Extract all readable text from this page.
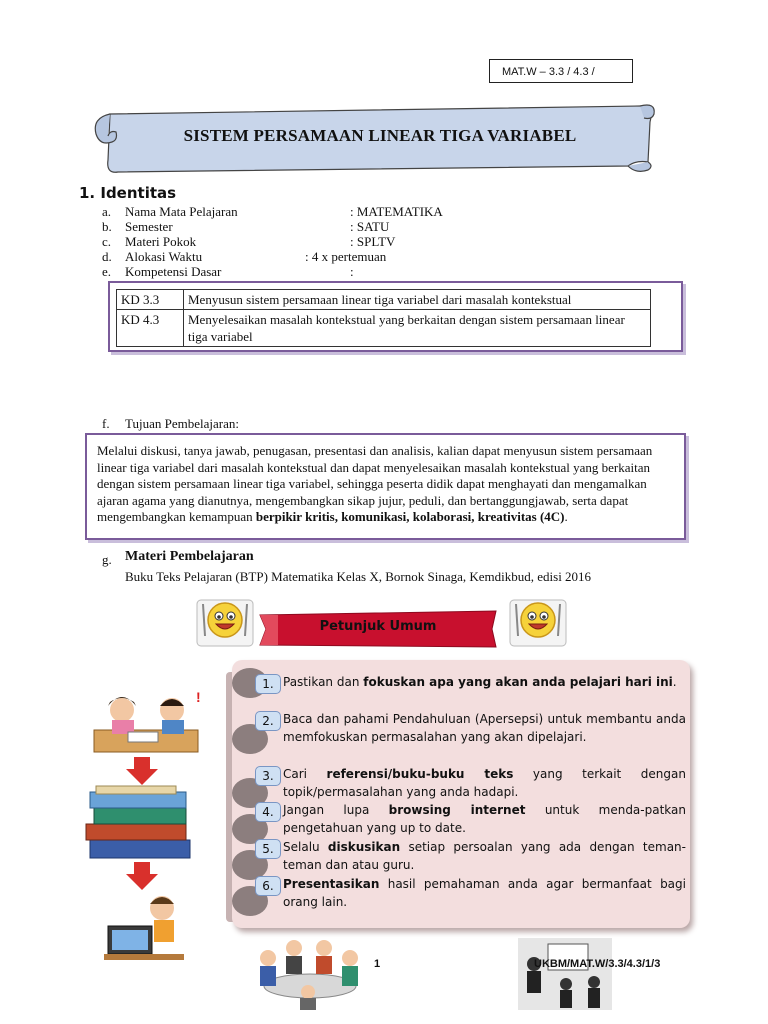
MAT.W – 3.3 / 4.3 /
SISTEM PERSAMAAN LINEAR TIGA VARIABEL
1. Identitas
a. Nama Mata Pelajaran	: MATEMATIKA
b. Semester	: SATU
c. Materi Pokok	: SPLTV
d. Alokasi Waktu	: 4 x pertemuan
e. Kompetensi Dasar	:
KD 3.3	Menyusun sistem persamaan linear tiga variabel dari masalah kontekstual
KD 4.3	Menyelesaikan masalah kontekstual yang berkaitan dengan sistem persamaan linear tiga variabel
f. Tujuan Pembelajaran:
Melalui diskusi, tanya jawab, penugasan, presentasi dan analisis, kalian dapat menyusun sistem persamaan linear tiga variabel dari masalah kontekstual dan dapat menyelesaikan masalah kontekstual yang berkaitan dengan sistem persamaan linear tiga variabel, sehingga peserta didik dapat menghayati dan mengamalkan ajaran agama yang dianutnya, mengembangkan sikap jujur, peduli, dan bertanggungjawab, serta dapat mengembangkan kemampuan berpikir kritis, komunikasi, kolaborasi, kreativitas (4C).
g. Materi Pembelajaran
Buku Teks Pelajaran (BTP) Matematika Kelas X, Bornok Sinaga, Kemdikbud, edisi 2016
Petunjuk Umum
!
1. Pastikan dan fokuskan apa yang akan anda pelajari hari ini.
2. Baca dan pahami Pendahuluan (Apersepsi) untuk membantu anda memfokuskan permasalahan yang akan dipelajari.
3. Cari referensi/buku-buku teks yang terkait dengan topik/permasalahan yang anda hadapi.
4. Jangan lupa browsing internet untuk menda-patkan pengetahuan yang up to date.
5. Selalu diskusikan setiap persoalan yang ada dengan teman-teman dan atau guru.
6. Presentasikan hasil pemahaman anda agar bermanfaat bagi orang lain.
1	UKBM/MAT.W/3.3/4.3/1/3
